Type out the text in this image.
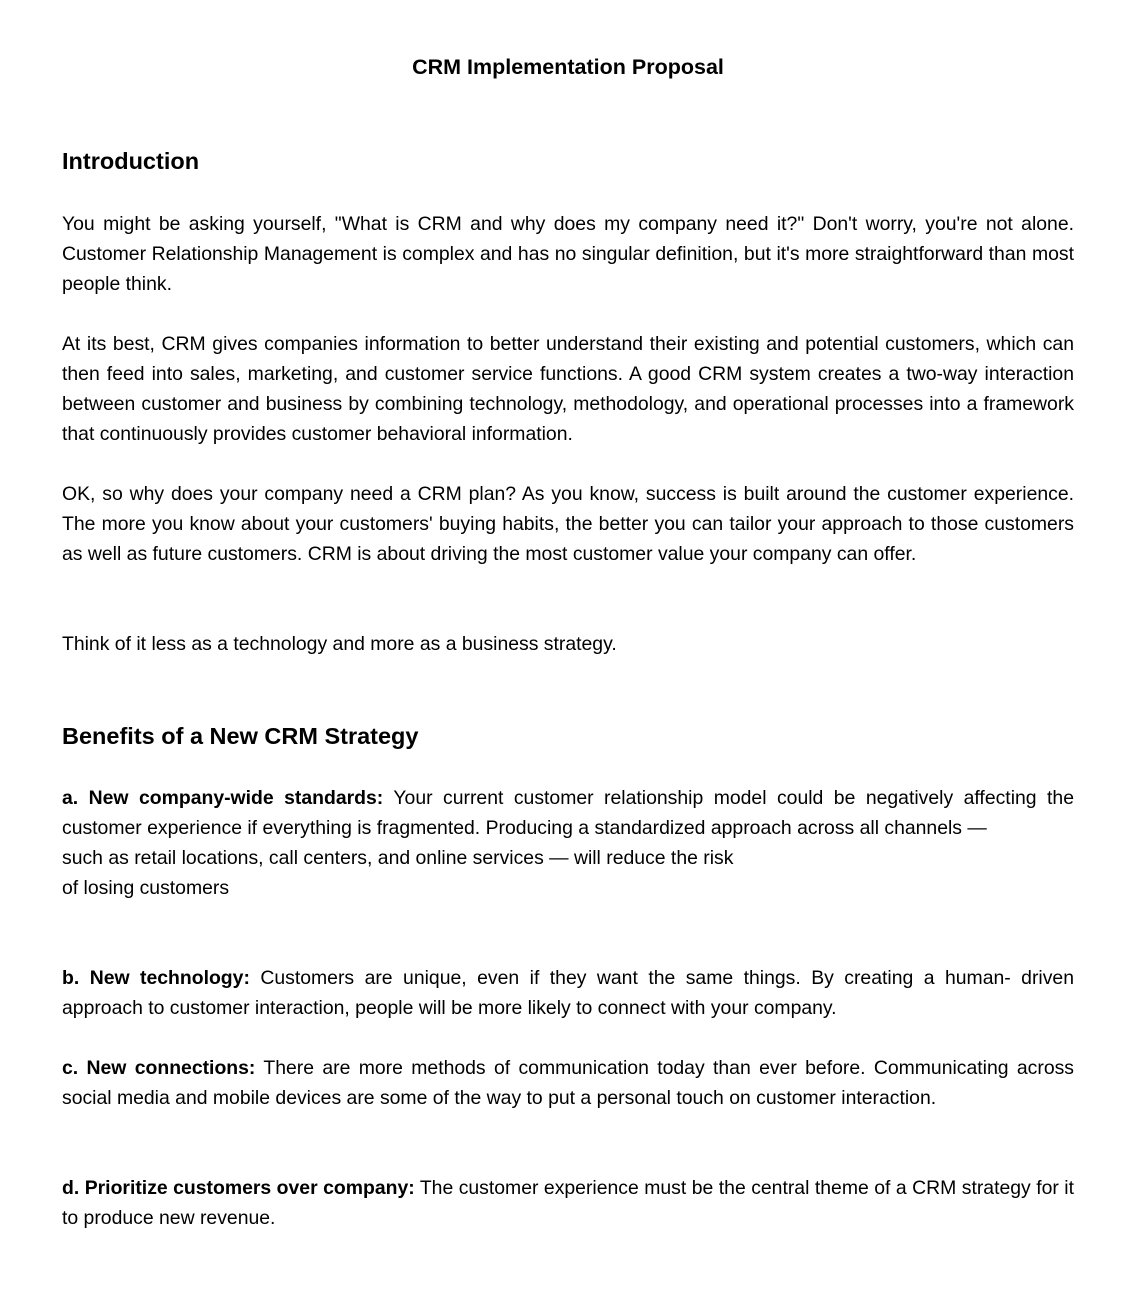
CRM Implementation Proposal
Introduction

You might be asking yourself, "What is CRM and why does my company need it?" Don't worry, you're not alone. Customer Relationship Management is complex and has no singular definition, but it's more straightforward than most people think.

At its best, CRM gives companies information to better understand their existing and potential customers, which can then feed into sales, marketing, and customer service functions. A good CRM system creates a two-way interaction between customer and business by combining technology, methodology, and operational processes into a framework that continuously provides customer behavioral information.

OK, so why does your company need a CRM plan? As you know, success is built around the customer experience. The more you know about your customers' buying habits, the better you can tailor your approach to those customers as well as future customers. CRM is about driving the most customer value your company can offer.

Think of it less as a technology and more as a business strategy.

Benefits of a New CRM Strategy
a. New company-wide standards: Your current customer relationship model could be negatively affecting the customer experience if everything is fragmented. Producing a standardized approach across all channels —
such as retail locations, call centers, and online services — will reduce the risk
of losing customers
b. New technology: Customers are unique, even if they want the same things. By creating a human- driven approach to customer interaction, people will be more likely to connect with your company.
c. New connections: There are more methods of communication today than ever before. Communicating across social media and mobile devices are some of the way to put a personal touch on customer interaction.
d. Prioritize customers over company: The customer experience must be the central theme of a CRM strategy for it to produce new revenue.
